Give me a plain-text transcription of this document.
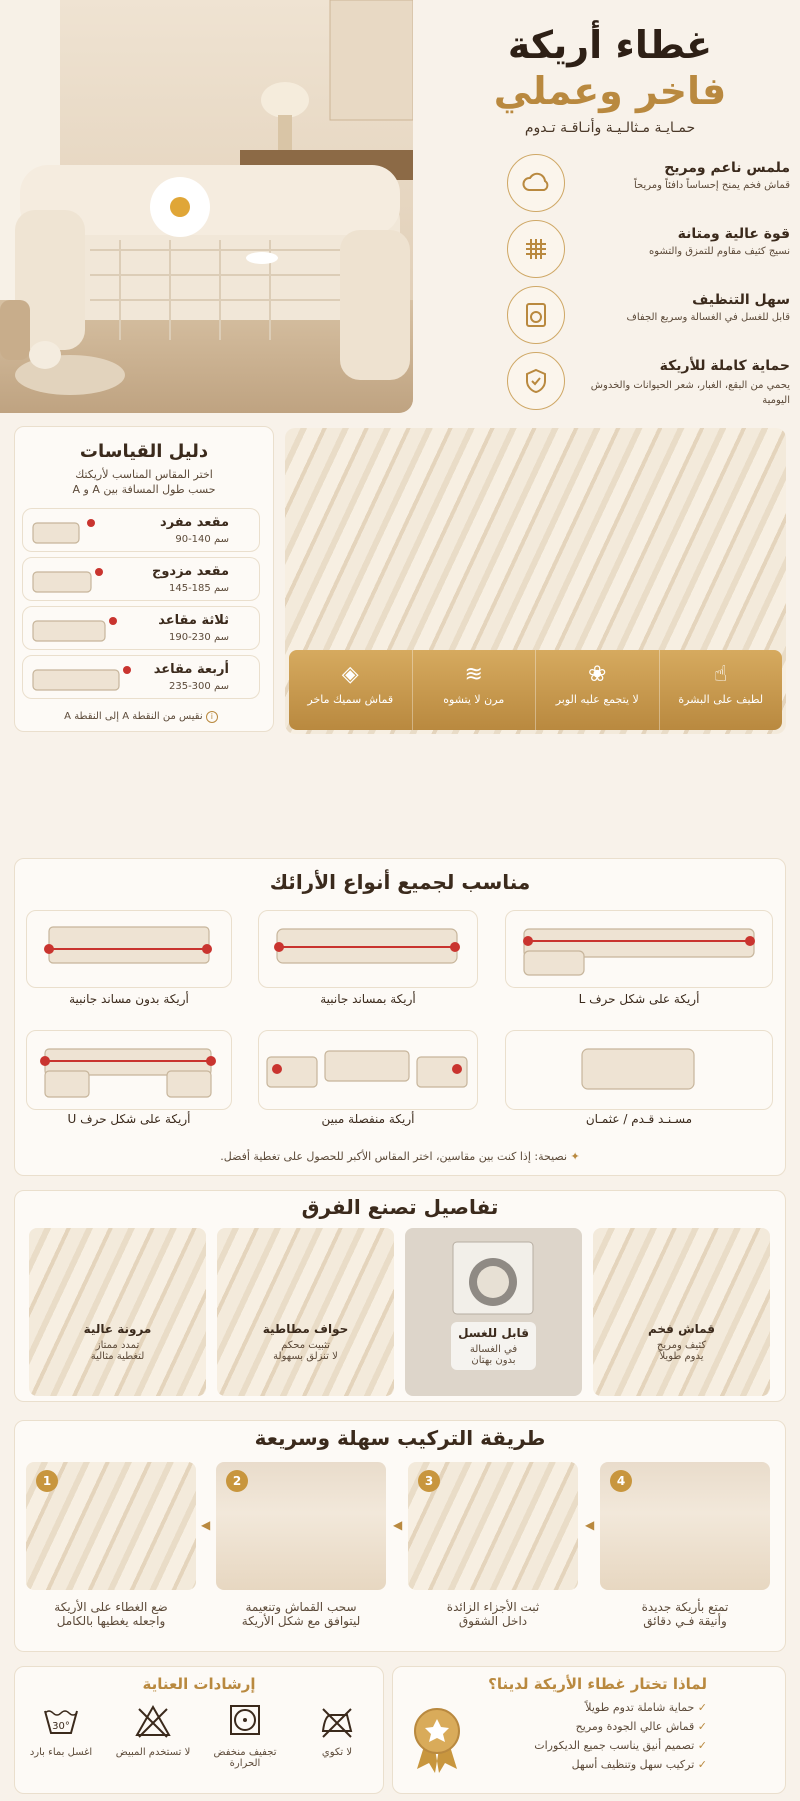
غطاء أريكة
فاخر وعملي
حمـايـة مـثالـيـة وأنـاقـة تـدوم
ملمس ناعم ومريح
قماش فخم يمنح إحساساً دافئاً ومريحاً
قوة عالية ومتانة
نسيج كثيف مقاوم للتمزق والتشوه
سهل التنظيف
قابل للغسل في الغسالة وسريع الجفاف
حماية كاملة للأريكة
يحمي من البقع، الغبار، شعر الحيوانات والخدوش اليومية
دليل القياسات
اختر المقاس المناسب لأريكتك
حسب طول المسافة بين A و A
مقعد مفرد
90-140 سم
مقعد مزدوج
145-185 سم
ثلاثة مقاعد
190-230 سم
أربعة مقاعد
235-300 سم
i نقيس من النقطة A إلى النقطة A
☝
لطيف على البشرة
❀
لا يتجمع عليه الوبر
≋
مرن لا يتشوه
◈
قماش سميك ماخر
مناسب لجميع أنواع الأرائك
أريكة على شكل حرف L
أريكة بمساند جانبية
أريكة بدون مساند جانبية
مسـنـد قـدم / عثمـان
أريكة منفصلة مبين
أريكة على شكل حرف U
✦ نصيحة: إذا كنت بين مقاسين، اختر المقاس الأكبر للحصول على تغطية أفضل.
تفاصيل تصنع الفرق
قماش فخم
كثيف ومريح
يدوم طويلاً
قابل للغسل
في الغسالة
بدون بهتان
حواف مطاطية
تثبيت محكم
لا تنزلق بسهولة
مرونة عالية
تمدد ممتاز
لتغطية مثالية
طريقة التركيب سهلة وسريعة
4
تمتع بأريكة جديدة
وأنيقة فـي دقائق
◀
3
ثبت الأجزاء الزائدة
داخل الشقوق
◀
2
سحب القماش وتنعيمة
ليتوافق مع شكل الأريكة
◀
1
ضع الغطاء على الأريكة
واجعله يغطيها بالكامل
لماذا تختار غطاء الأريكة لدينا؟
✓ حماية شاملة تدوم طويلاً
✓ قماش عالي الجودة ومريح
✓ تصميم أنيق يناسب جميع الديكورات
✓ تركيب سهل وتنظيف أسهل
إرشادات العناية
30°
اغسل بماء بارد	لا تستخدم المبيض	تجفيف منخفض الحرارة
لا تكوي
